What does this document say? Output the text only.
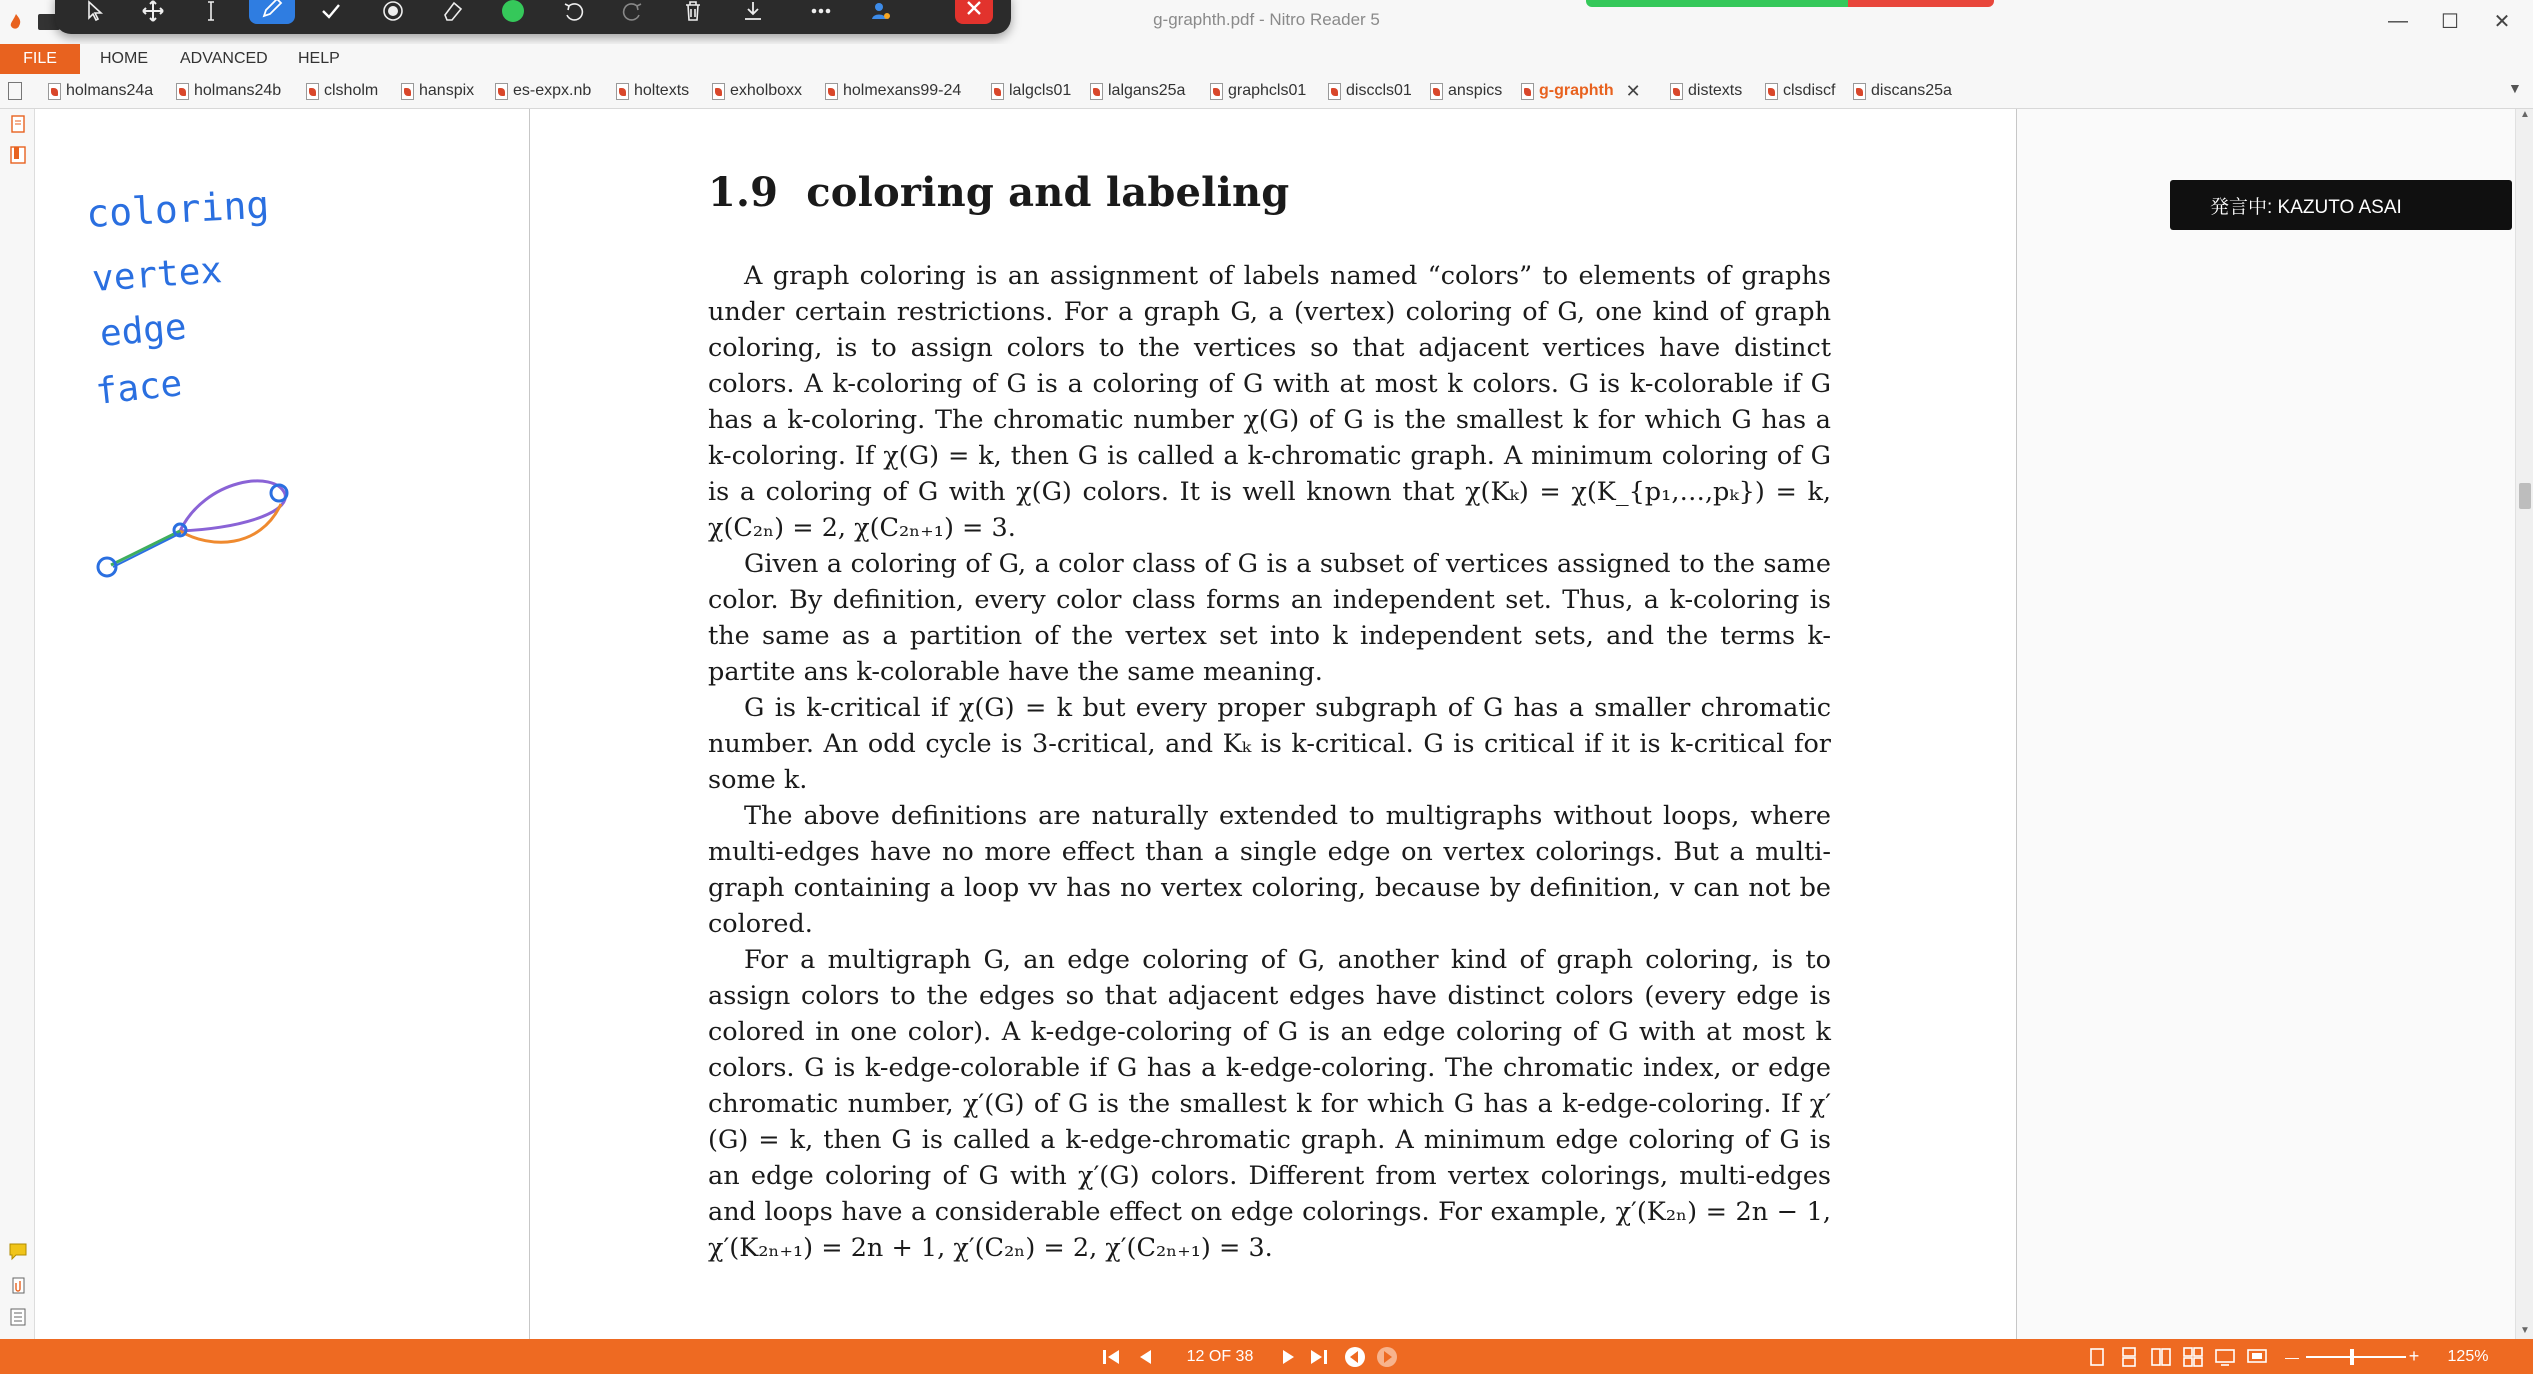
g-graphth.pdf - Nitro Reader 5	—	☐	✕
FILE	HOME ADVANCED HELP
holmans24a	holmans24b	clsholm	hanspix es-expx.nb	holtexts	exholboxx	holmexans99-24	lalgcls01 lalgans25a	graphcls01 disccls01 anspics g-graphth ✕	distexts	clsdiscf discans25a	▼
coloring
vertex
edge
face
1.9 coloring and labeling

A graph coloring is an assignment of labels named “colors” to elements of graphs under certain restrictions. For a graph G, a (vertex) coloring of G, one kind of graph coloring, is to assign colors to the vertices so that adjacent vertices have distinct colors. A k-coloring of G is a coloring of G with at most k colors. G is k-colorable if G has a k-coloring. The chromatic number χ(G) of G is the smallest k for which G has a k-coloring. If χ(G) = k, then G is called a k-chromatic graph. A minimum coloring of G is a coloring of G with χ(G) colors. It is well known that χ(Kₖ) = χ(K_{p₁,…,pₖ}) = k, χ(C₂ₙ) = 2, χ(C₂ₙ₊₁) = 3.

Given a coloring of G, a color class of G is a subset of vertices assigned to the same color. By definition, every color class forms an independent set. Thus, a k-coloring is the same as a partition of the vertex set into k independent sets, and the terms k-partite ans k-colorable have the same meaning.

G is k-critical if χ(G) = k but every proper subgraph of G has a smaller chromatic number. An odd cycle is 3-critical, and Kₖ is k-critical. G is critical if it is k-critical for some k.

The above definitions are naturally extended to multigraphs without loops, where multi-edges have no more effect than a single edge on vertex colorings. But a multi-graph containing a loop vv has no vertex coloring, because by definition, v can not be colored.

For a multigraph G, an edge coloring of G, another kind of graph coloring, is to assign colors to the edges so that adjacent edges have distinct colors (every edge is colored in one color). A k-edge-coloring of G is an edge coloring of G with at most k colors. G is k-edge-colorable if G has a k-edge-coloring. The chromatic index, or edge chromatic number, χ′(G) of G is the smallest k for which G has a k-edge-coloring. If χ′(G) = k, then G is called a k-edge-chromatic graph. A minimum edge coloring of G is an edge coloring of G with χ′(G) colors. Different from vertex colorings, multi-edges and loops have a considerable effect on edge colorings. For example, χ′(K₂ₙ) = 2n − 1, χ′(K₂ₙ₊₁) = 2n + 1, χ′(C₂ₙ) = 2, χ′(C₂ₙ₊₁) = 3.

発言中: KAZUTO ASAI
▲
▼
12 OF 38	—	+	125%
